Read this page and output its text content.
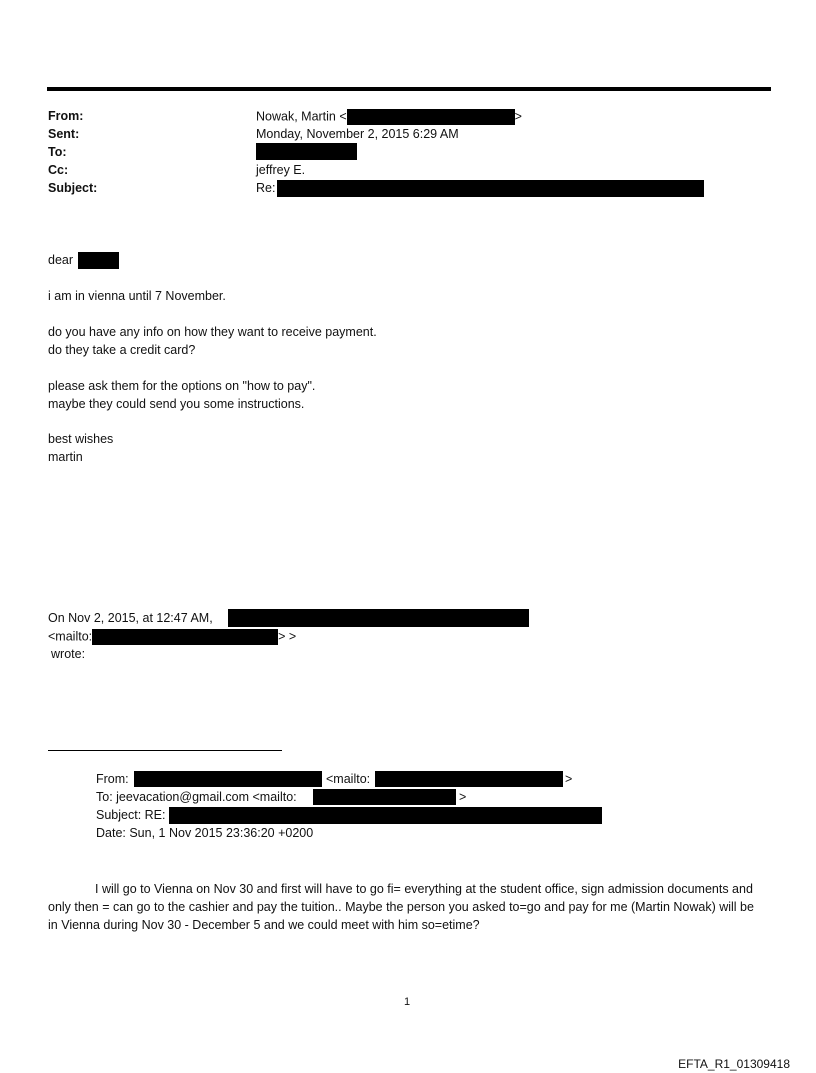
From:	Nowak, Martin <	>
Sent:	Monday, November 2, 2015 6:29 AM
To:
Cc:	jeffrey E.
Subject:	Re:
dear
i am in vienna until 7 November.
do you have any info on how they want to receive payment.
do they take a credit card?
please ask them for the options on "how to pay".
maybe they could send you some instructions.
best wishes
martin
On Nov 2, 2015, at 12:47 AM,
<mailto:	> >
wrote:
From:	<mailto:	>
To: jeevacation@gmail.com <mailto:	>
Subject: RE:
Date: Sun, 1 Nov 2015 23:36:20 +0200
I will go to Vienna on Nov 30 and first will have to go fi= everything at the student office, sign admission documents and only then = can go to the cashier and pay the tuition.. Maybe the person you asked to=go and pay for me (Martin Nowak) will be in Vienna during Nov 30 - December 5 and we could meet with him so=etime?
1
EFTA_R1_01309418
